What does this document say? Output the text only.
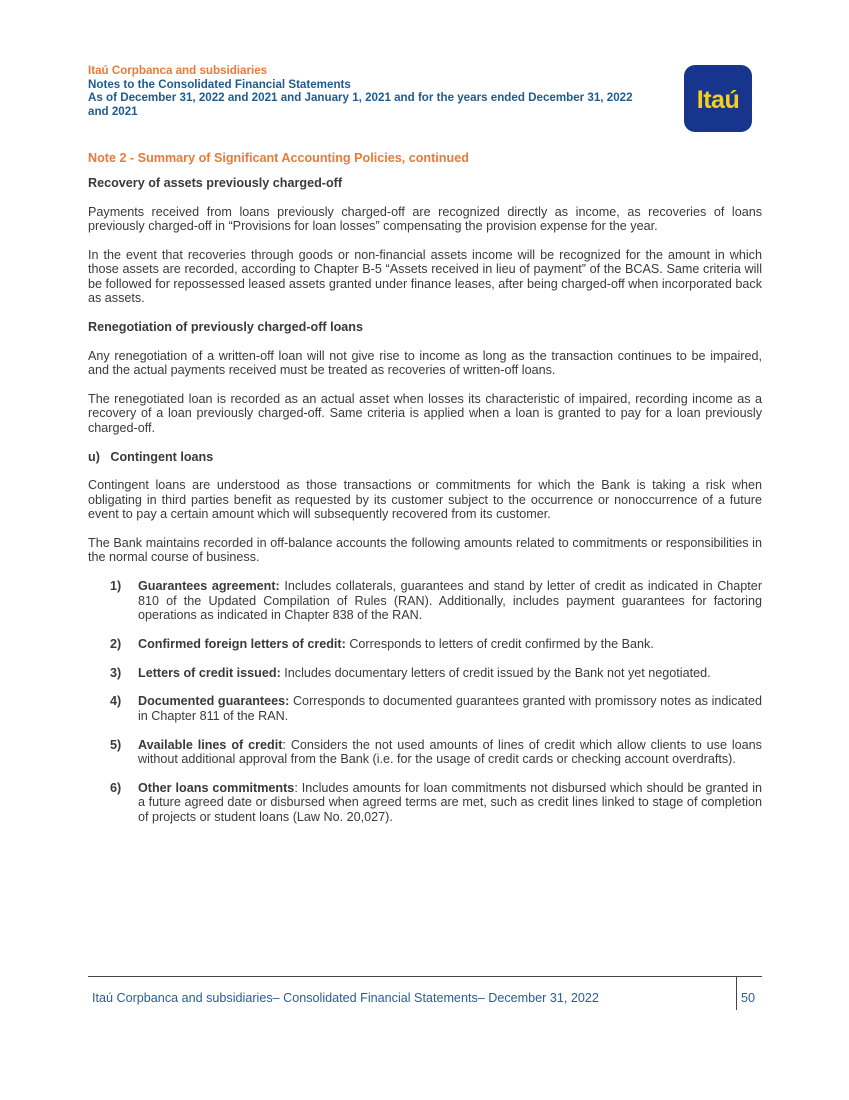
Itaú Corpbanca and subsidiaries
Notes to the Consolidated Financial Statements
As of December 31, 2022 and 2021 and January 1, 2021 and for the years ended December 31, 2022
and 2021	Itaú
Note 2 - Summary of Significant Accounting Policies, continued
Recovery of assets previously charged-off

Payments received from loans previously charged-off are recognized directly as income, as recoveries of loans previously charged-off in “Provisions for loan losses” compensating the provision expense for the year.

In the event that recoveries through goods or non-financial assets income will be recognized for the amount in which those assets are recorded, according to Chapter B-5 “Assets received in lieu of payment” of the BCAS. Same criteria will be followed for repossessed leased assets granted under finance leases, after being charged-off when incorporated back as assets.

Renegotiation of previously charged-off loans

Any renegotiation of a written-off loan will not give rise to income as long as the transaction continues to be impaired, and the actual payments received must be treated as recoveries of written-off loans.

The renegotiated loan is recorded as an actual asset when losses its characteristic of impaired, recording income as a recovery of a loan previously charged-off. Same criteria is applied when a loan is granted to pay for a loan previously charged-off.

u)   Contingent loans

Contingent loans are understood as those transactions or commitments for which the Bank is taking a risk when obligating in third parties benefit as requested by its customer subject to the occurrence or nonoccurrence of a future event to pay a certain amount which will subsequently recovered from its customer.

The Bank maintains recorded in off-balance accounts the following amounts related to commitments or responsibilities in the normal course of business.

1)	Guarantees agreement: Includes collaterals, guarantees and stand by letter of credit as indicated in Chapter 810 of the Updated Compilation of Rules (RAN). Additionally, includes payment guarantees for factoring operations as indicated in Chapter 838 of the RAN.
2)	Confirmed foreign letters of credit: Corresponds to letters of credit confirmed by the Bank.
3)	Letters of credit issued: Includes documentary letters of credit issued by the Bank not yet negotiated.
4)	Documented guarantees: Corresponds to documented guarantees granted with promissory notes as indicated in Chapter 811 of the RAN.
5)	Available lines of credit: Considers the not used amounts of lines of credit which allow clients to use loans without additional approval from the Bank (i.e. for the usage of credit cards or checking account overdrafts).
6)	Other loans commitments: Includes amounts for loan commitments not disbursed which should be granted in a future agreed date or disbursed when agreed terms are met, such as credit lines linked to stage of completion of projects or student loans (Law No. 20,027).
Itaú Corpbanca and subsidiaries– Consolidated Financial Statements– December 31, 2022	50
